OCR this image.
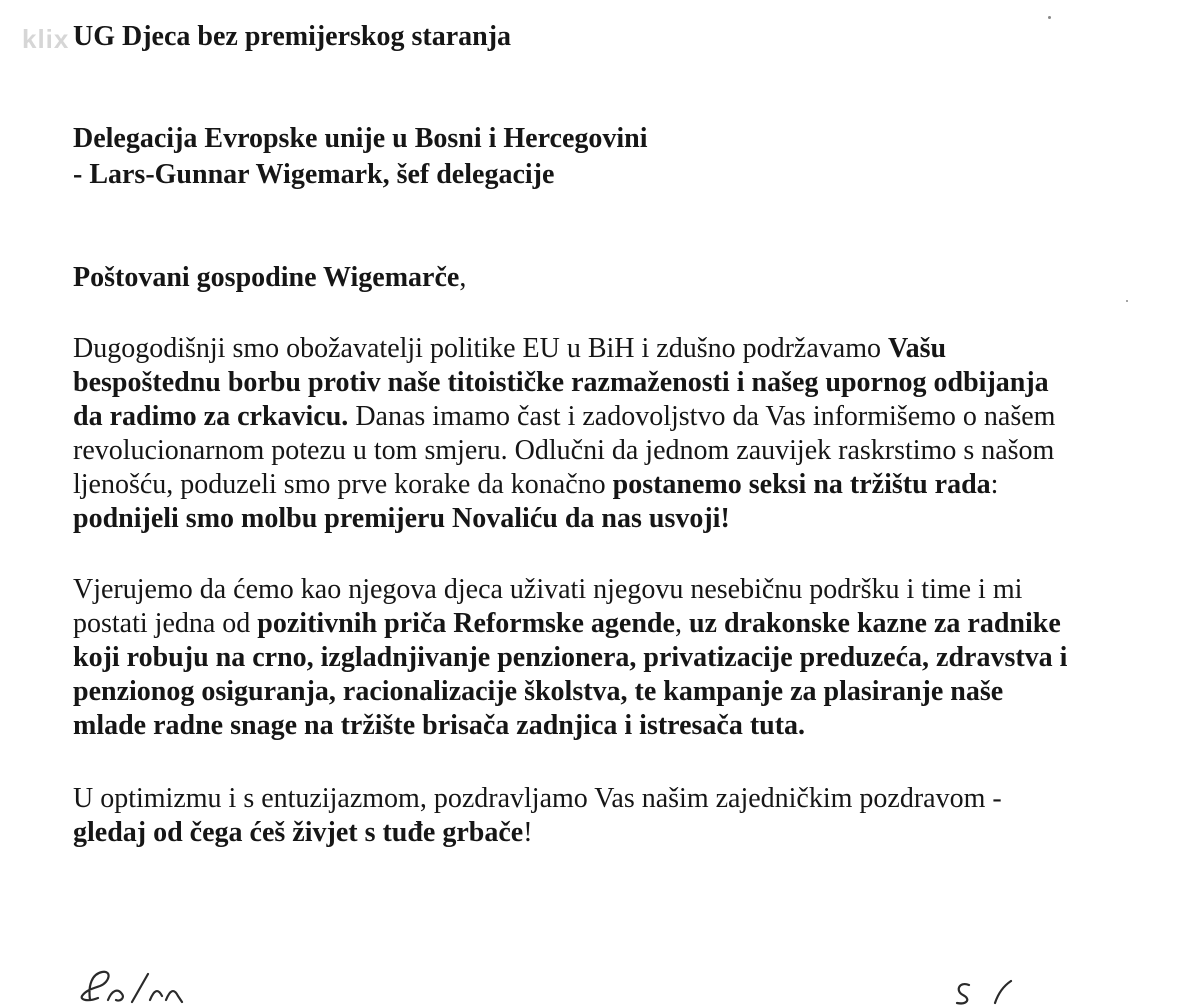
klix UG Djeca bez premijerskog staranja
Delegacija Evropske unije u Bosni i Hercegovini
- Lars-Gunnar Wigemark, šef delegacije
Poštovani gospodine Wigemarče,
Dugogodišnji smo obožavatelji politike EU u BiH i zdušno podržavamo Vašu
bespoštednu borbu protiv naše titoističke razmaženosti i našeg upornog odbijanja
da radimo za crkavicu. Danas imamo čast i zadovoljstvo da Vas informišemo o našem
revolucionarnom potezu u tom smjeru. Odlučni da jednom zauvijek raskrstimo s našom
ljenošću, poduzeli smo prve korake da konačno postanemo seksi na tržištu rada:
podnijeli smo molbu premijeru Novaliću da nas usvoji!
Vjerujemo da ćemo kao njegova djeca uživati njegovu nesebičnu podršku i time i mi
postati jedna od pozitivnih priča Reformske agende, uz drakonske kazne za radnike
koji robuju na crno, izgladnjivanje penzionera, privatizacije preduzeća, zdravstva i
penzionog osiguranja, racionalizacije školstva, te kampanje za plasiranje naše
mlade radne snage na tržište brisača zadnjica i istresača tuta.
U optimizmu i s entuzijazmom, pozdravljamo Vas našim zajedničkim pozdravom -
gledaj od čega ćeš živjet s tuđe grbače!
